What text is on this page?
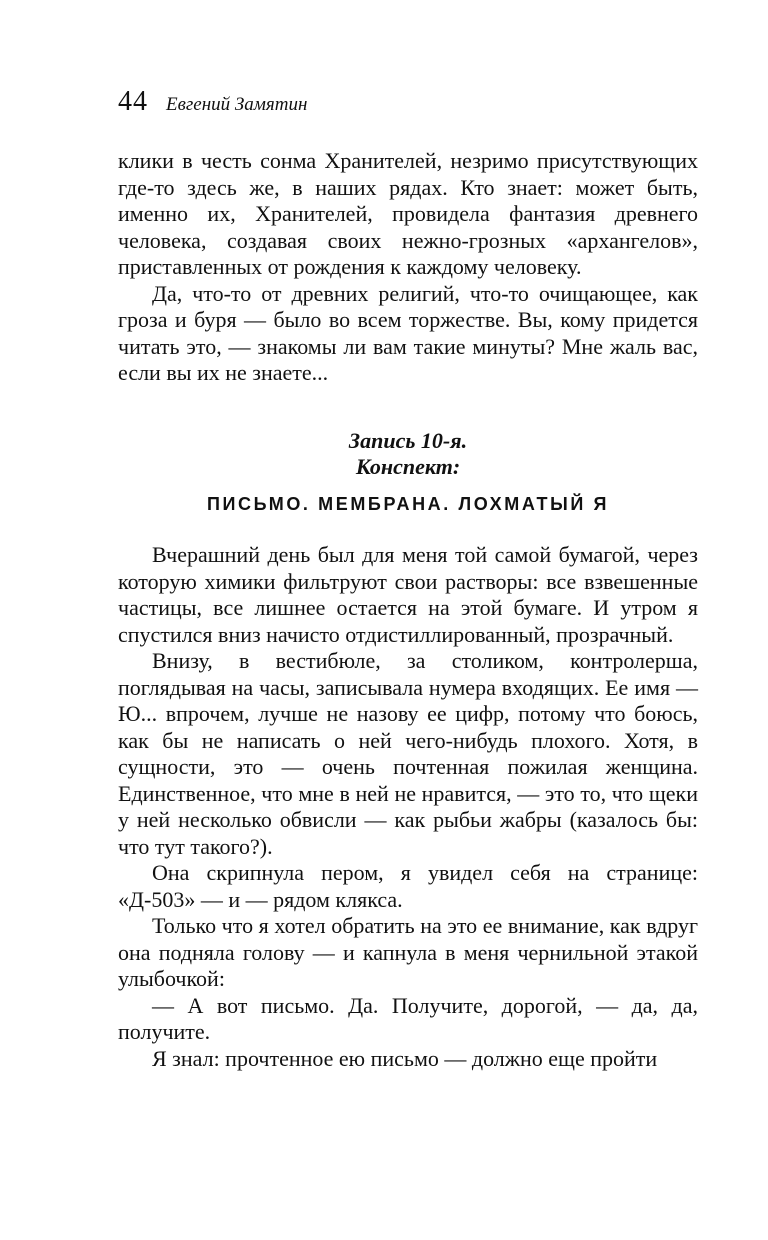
44 Евгений Замятин

клики в честь сонма Хранителей, незримо присутствующих где-то здесь же, в наших рядах. Кто знает: может быть, именно их, Хранителей, провидела фантазия древнего человека, создавая своих нежно-грозных «архангелов», приставленных от рождения к каждому человеку.

Да, что-то от древних религий, что-то очищающее, как гроза и буря — было во всем торжестве. Вы, кому придется читать это, — знакомы ли вам такие минуты? Мне жаль вас, если вы их не знаете...

Запись 10-я.
Конспект:
ПИСЬМО. МЕМБРАНА. ЛОХМАТЫЙ Я

Вчерашний день был для меня той самой бумагой, через которую химики фильтруют свои растворы: все взвешенные частицы, все лишнее остается на этой бумаге. И утром я спустился вниз начисто отдистиллированный, прозрачный.

Внизу, в вестибюле, за столиком, контролерша, поглядывая на часы, записывала нумера входящих. Ее имя — Ю... впрочем, лучше не назову ее цифр, потому что боюсь, как бы не написать о ней чего-нибудь плохого. Хотя, в сущности, это — очень почтенная пожилая женщина. Единственное, что мне в ней не нравится, — это то, что щеки у ней несколько обвисли — как рыбьи жабры (казалось бы: что тут такого?).

Она скрипнула пером, я увидел себя на странице: «Д-503» — и — рядом клякса.

Только что я хотел обратить на это ее внимание, как вдруг она подняла голову — и капнула в меня чернильной этакой улыбочкой:

— А вот письмо. Да. Получите, дорогой, — да, да, получите.

Я знал: прочтенное ею письмо — должно еще пройти
